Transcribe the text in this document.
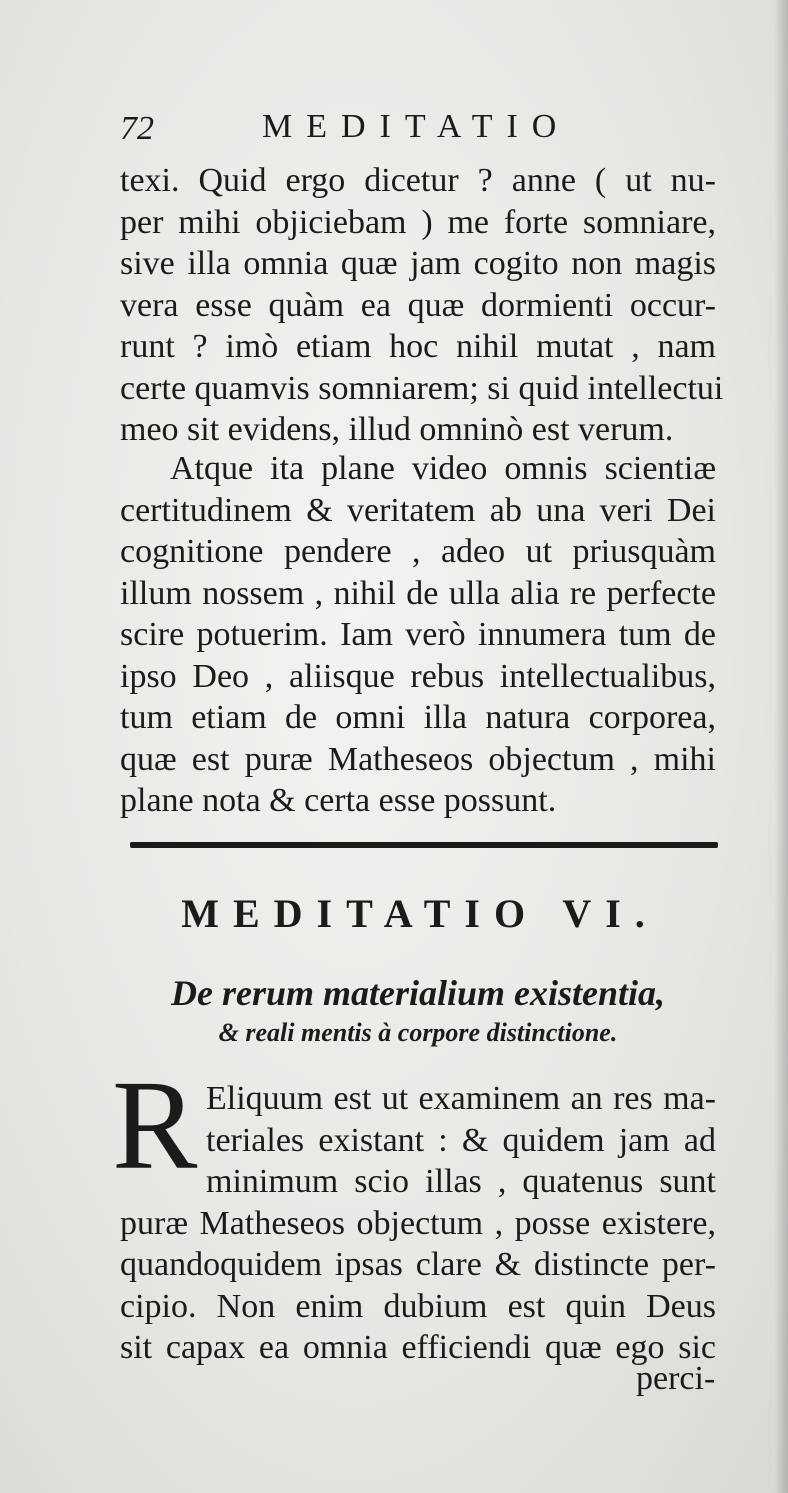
72	MEDITATIO
texi. Quid ergo dicetur ? anne ( ut nu-
per mihi objiciebam ) me forte somniare,
sive illa omnia quæ jam cogito non magis
vera esse quàm ea quæ dormienti occur-
runt ? imò etiam hoc nihil mutat , nam
certe quamvis somniarem; si quid intellectui
meo sit evidens, illud omninò est verum.
Atque ita plane video omnis scientiæ
certitudinem & veritatem ab una veri Dei
cognitione pendere , adeo ut priusquàm
illum nossem , nihil de ulla alia re perfecte
scire potuerim. Iam verò innumera tum de
ipso Deo , aliisque rebus intellectualibus,
tum etiam de omni illa natura corporea,
quæ est puræ Matheseos objectum , mihi
plane nota & certa esse possunt.
MEDITATIO VI.
De rerum materialium existentia,
& reali mentis à corpore distinctione.
R Eliquum est ut examinem an res ma-
teriales existant : & quidem jam ad
minimum scio illas , quatenus sunt
puræ Matheseos objectum , posse existere,
quandoquidem ipsas clare & distincte per-
cipio. Non enim dubium est quin Deus
sit capax ea omnia efficiendi quæ ego sic
perci-
